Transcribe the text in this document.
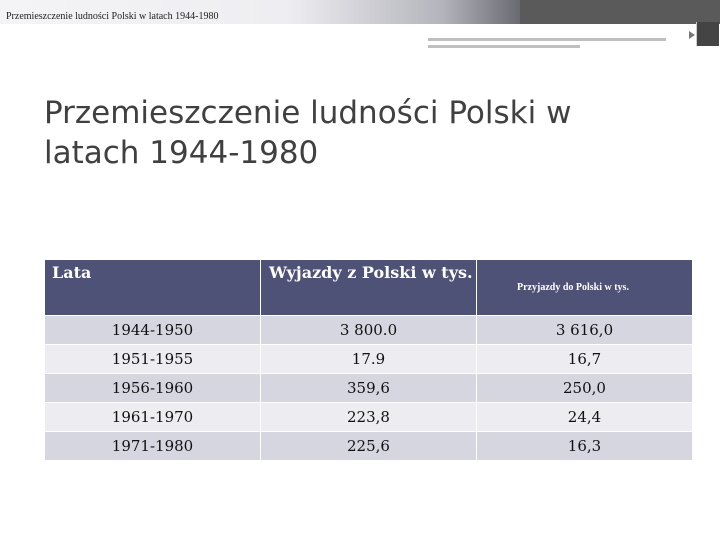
Przemieszczenie ludności Polski w latach 1944-1980
Przemieszczenie ludności Polski w latach 1944-1980
Lata	Wyjazdy z Polski w tys.	Przyjazdy do Polski w tys.
1944-1950	3 800.0	3 616,0
1951-1955	17.9	16,7
1956-1960	359,6	250,0
1961-1970	223,8	24,4
1971-1980	225,6	16,3
